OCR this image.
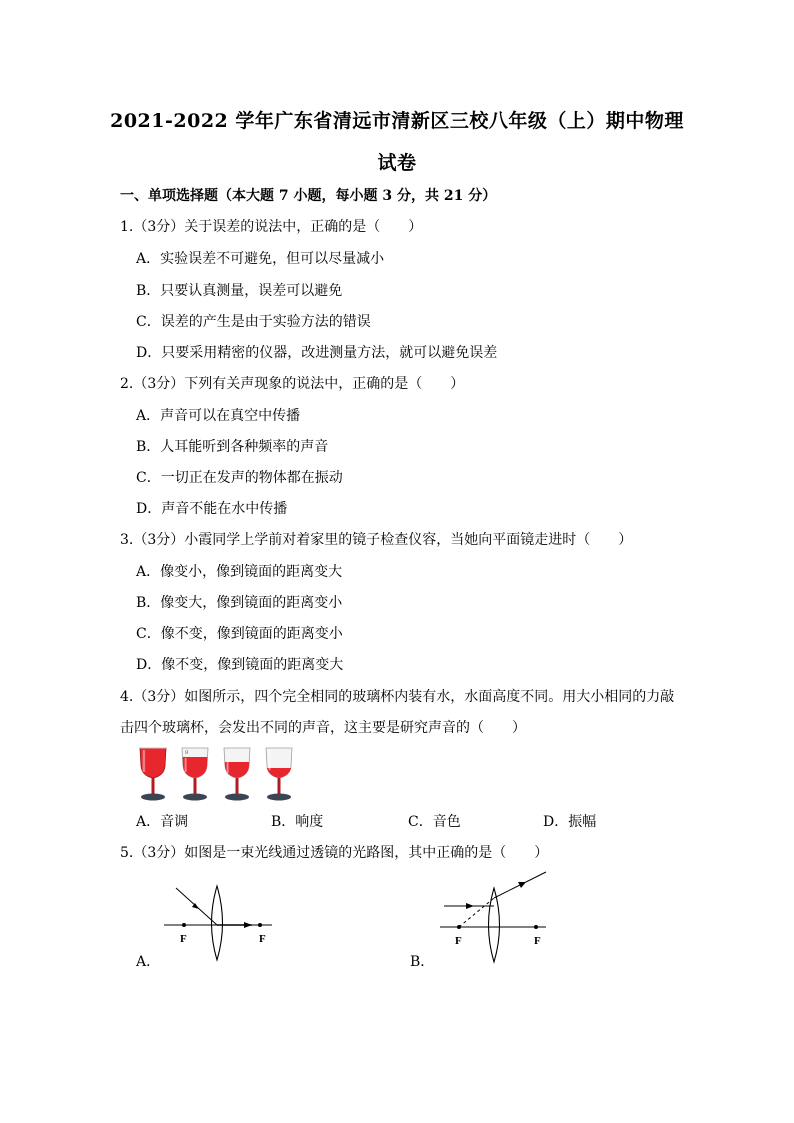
2021-2022 学年广东省清远市清新区三校八年级（上）期中物理
试卷
一、单项选择题（本大题 7 小题，每小题 3 分，共 21 分）
1.（3分）关于误差的说法中，正确的是（　　）
A．实验误差不可避免，但可以尽量减小
B．只要认真测量，误差可以避免
C．误差的产生是由于实验方法的错误
D．只要采用精密的仪器，改进测量方法，就可以避免误差
2.（3分）下列有关声现象的说法中，正确的是（　　）
A．声音可以在真空中传播
B．人耳能听到各种频率的声音
C．一切正在发声的物体都在振动
D．声音不能在水中传播
3.（3分）小霞同学上学前对着家里的镜子检查仪容，当她向平面镜走进时（　　）
A．像变小，像到镜面的距离变大
B．像变大，像到镜面的距离变小
C．像不变，像到镜面的距离变小
D．像不变，像到镜面的距离变大
4.（3分）如图所示，四个完全相同的玻璃杯内装有水，水面高度不同。用大小相同的力敲
击四个玻璃杯，会发出不同的声音，这主要是研究声音的（　　）
ɡ
A．音调	B．响度	C．音色	D．振幅
5.（3分）如图是一束光线通过透镜的光路图，其中正确的是（　　）
F	F
A．
F	F
B．
